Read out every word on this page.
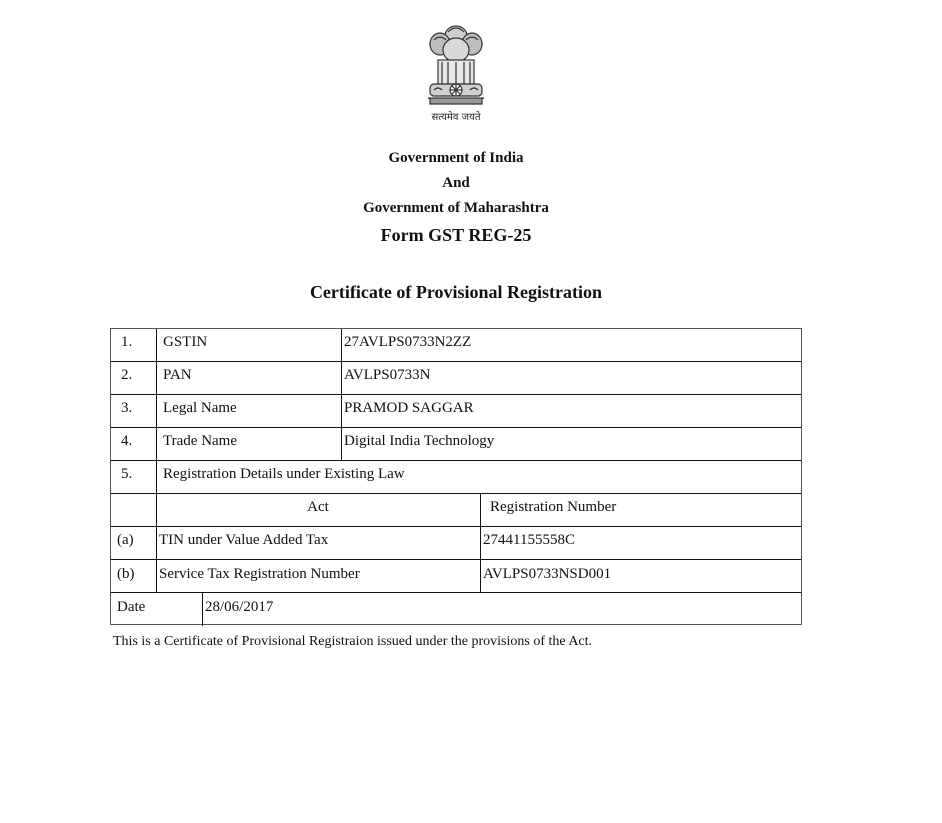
सत्यमेव जयते
Government of India
And
Government of Maharashtra
Form GST REG-25
Certificate of Provisional Registration
1. GSTIN	27AVLPS0733N2ZZ
2. PAN	AVLPS0733N
3. Legal Name	PRAMOD SAGGAR
4. Trade Name	Digital India Technology
5. Registration Details under Existing Law
Act	Registration Number
(a) TIN under Value Added Tax	27441155558C
(b) Service Tax Registration Number	AVLPS0733NSD001
Date	28/06/2017
This is a Certificate of Provisional Registraion issued under the provisions of the Act.
